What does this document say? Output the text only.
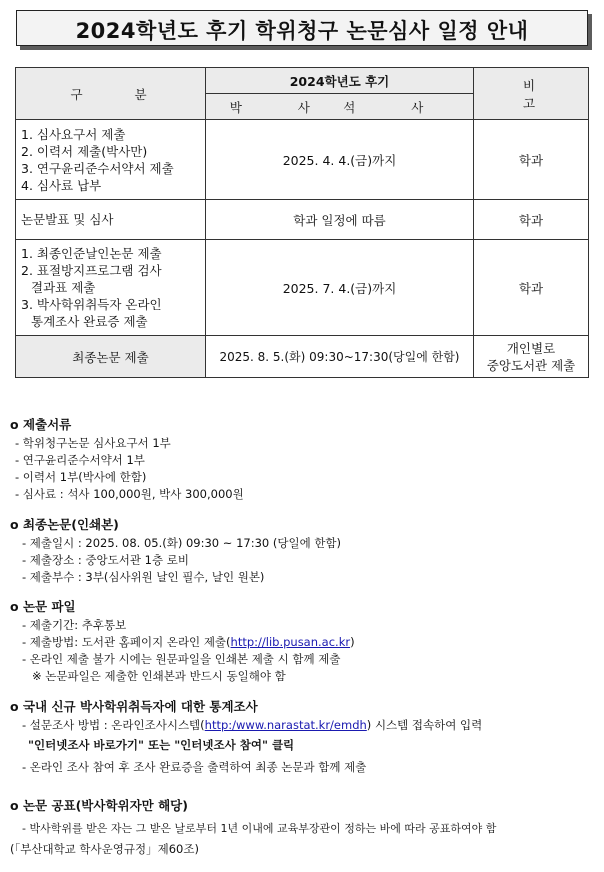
2024학년도 후기 학위청구 논문심사 일정 안내
구 분	2024학년도 후기	비 고

	박 사 석 사	

1. 심사요구서 제출
2. 이력서 제출(박사만)
3. 연구윤리준수서약서 제출
4. 심사료 납부	2025. 4. 4.(금)까지	학과

논문발표 및 심사	학과 일정에 따름	학과

1. 최종인준날인논문 제출
2. 표절방지프로그램 검사
결과표 제출
3. 박사학위취득자 온라인
통계조사 완료증 제출	2025. 7. 4.(금)까지	학과
최종논문 제출	2025. 8. 5.(화) 09:30~17:30(당일에 한함)	개인별로
중앙도서관 제출
o 제출서류
- 학위청구논문 심사요구서 1부
- 연구윤리준수서약서 1부
- 이력서 1부(박사에 한함)
- 심사료 : 석사 100,000원, 박사 300,000원
o 최종논문(인쇄본)
- 제출일시 : 2025. 08. 05.(화) 09:30 ~ 17:30 (당일에 한함)
- 제출장소 : 중앙도서관 1층 로비
- 제출부수 : 3부(심사위원 날인 필수, 날인 원본)
o 논문 파일
- 제출기간: 추후통보
- 제출방법: 도서관 홈페이지 온라인 제출(http://lib.pusan.ac.kr)
- 온라인 제출 불가 시에는 원문파일을 인쇄본 제출 시 함께 제출
※ 논문파일은 제출한 인쇄본과 반드시 동일해야 함
o 국내 신규 박사학위취득자에 대한 통계조사
- 설문조사 방법 : 온라인조사시스템(http:/www.narastat.kr/emdh) 시스템 접속하여 입력
"인터넷조사 바로가기" 또는 "인터넷조사 참여" 클릭
- 온라인 조사 참여 후 조사 완료증을 출력하여 최종 논문과 함께 제출
o 논문 공표(박사학위자만 해당)
- 박사학위를 받은 자는 그 받은 날로부터 1년 이내에 교육부장관이 정하는 바에 따라 공표하여야 함
(「부산대학교 학사운영규정」제60조)
